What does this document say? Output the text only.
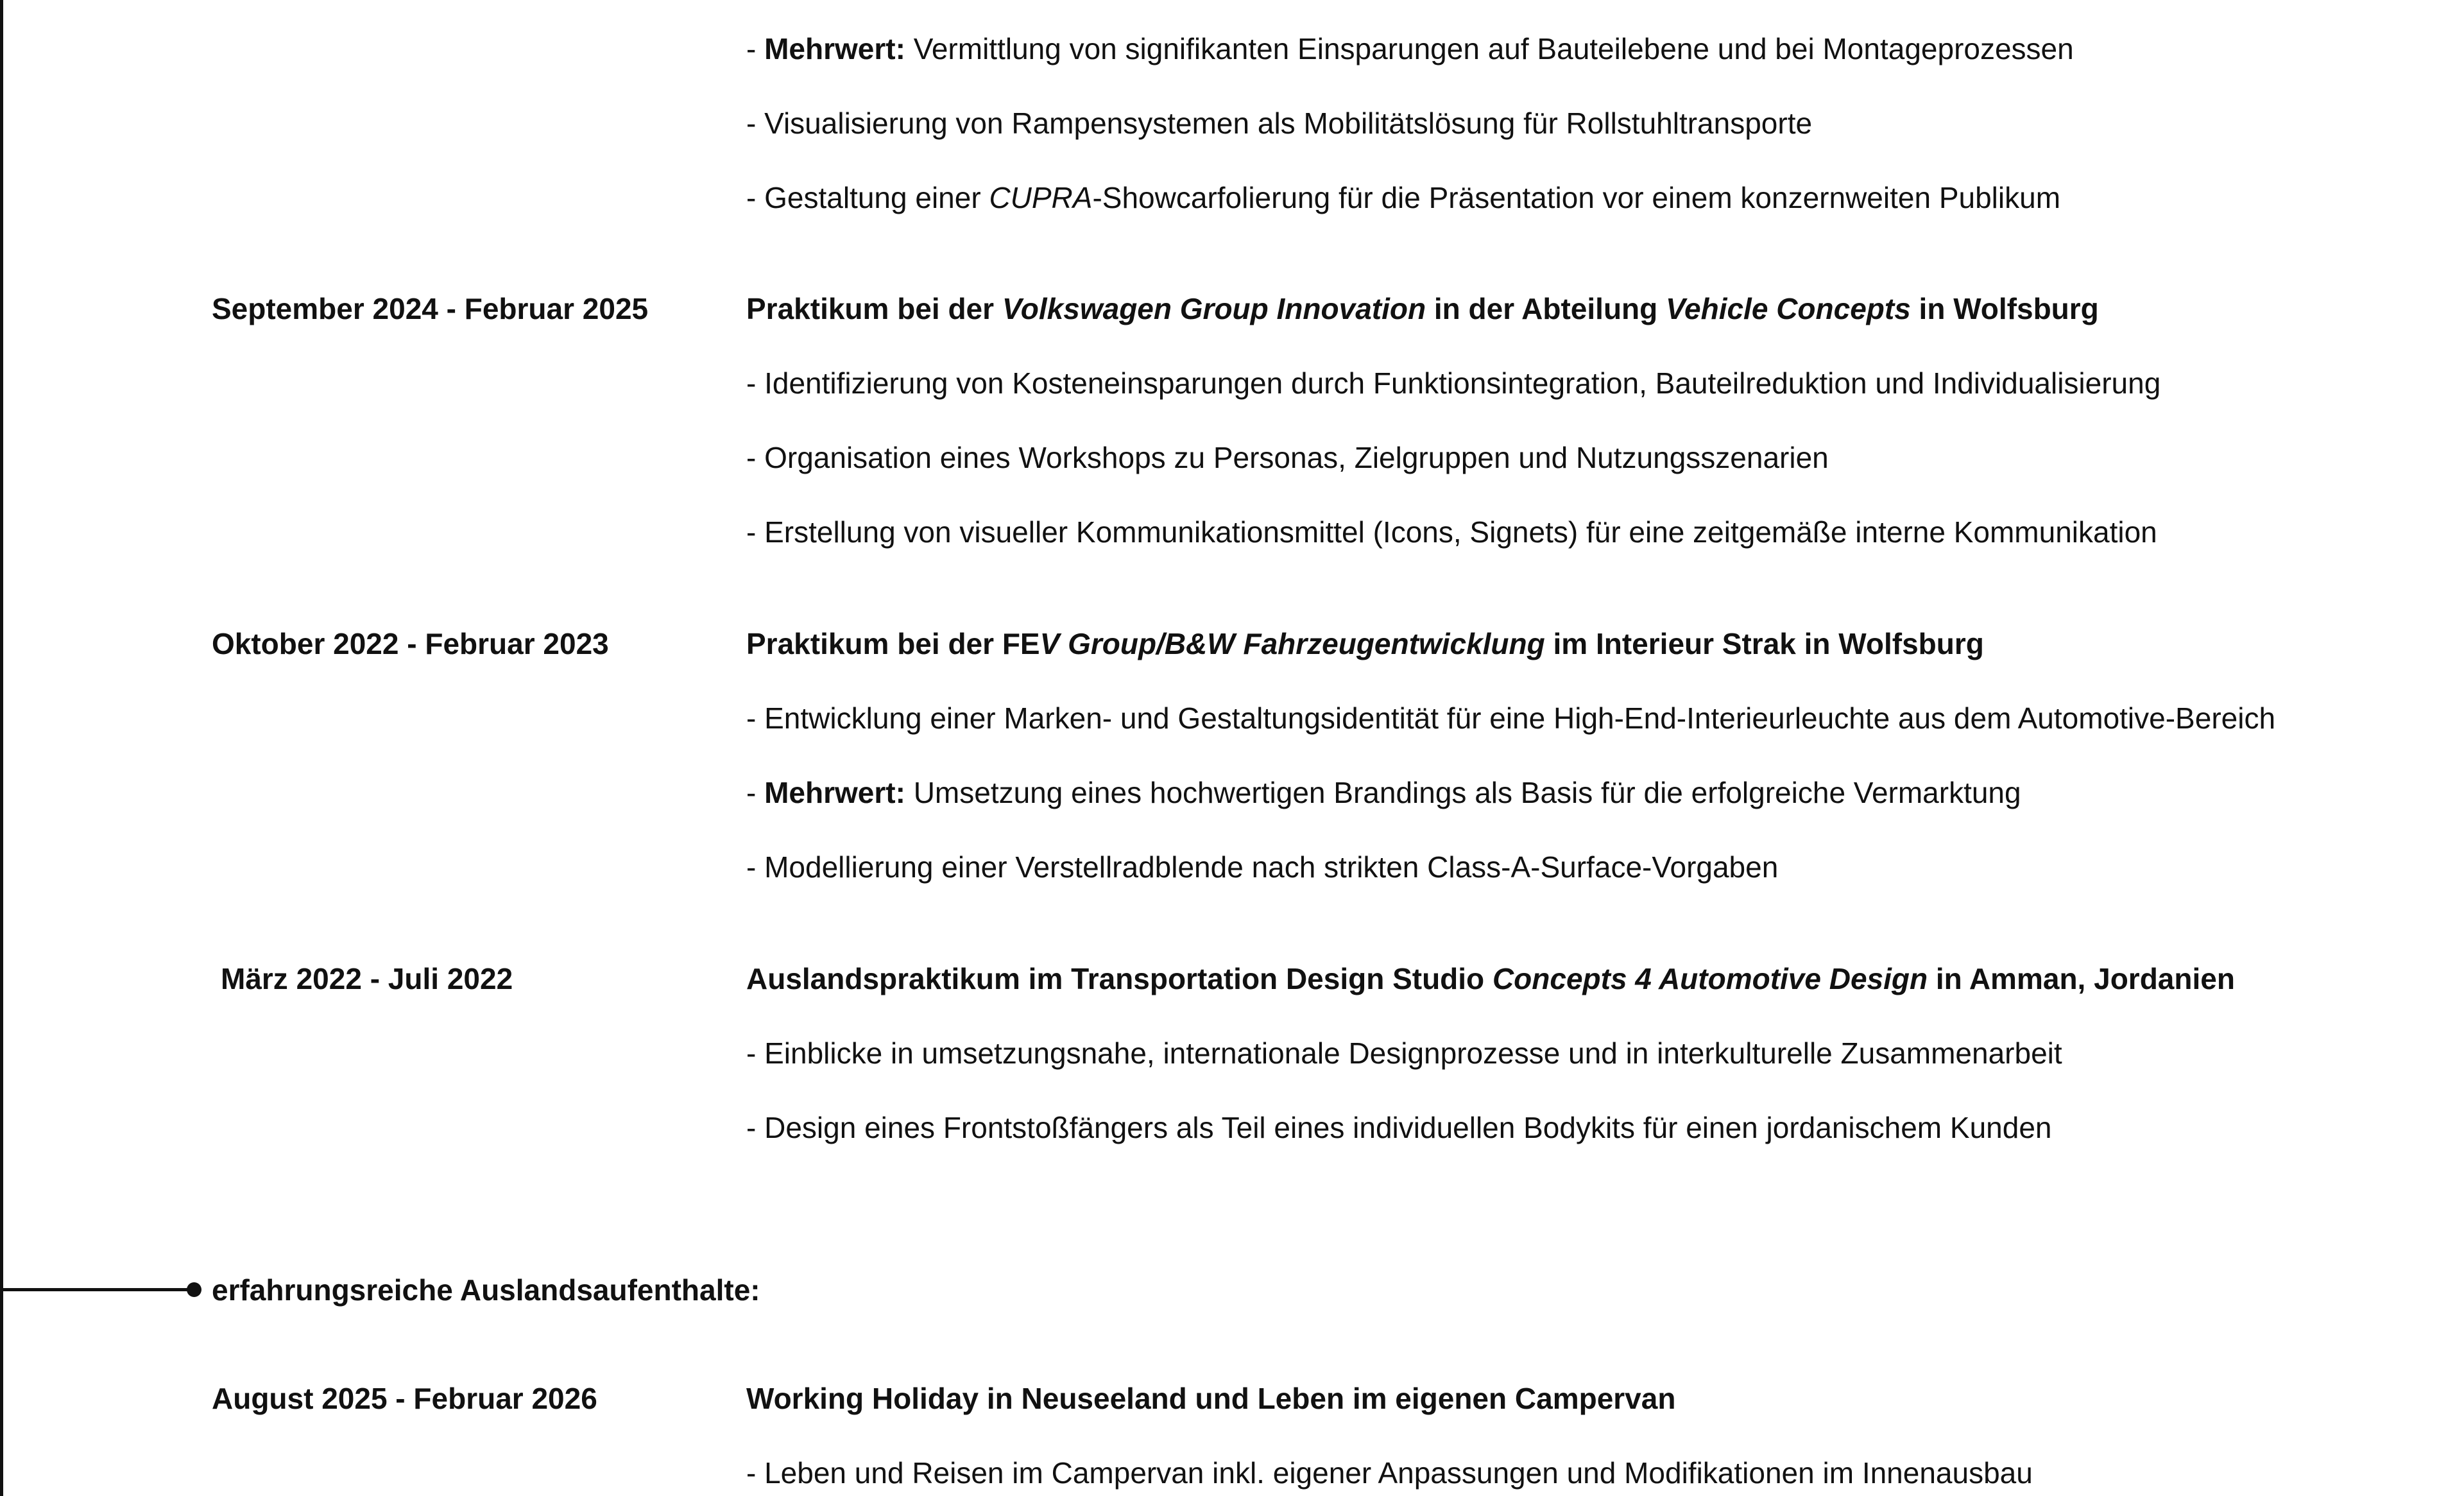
- Mehrwert: Vermittlung von signifikanten Einsparungen auf Bauteilebene und bei Montageprozessen
- Visualisierung von Rampensystemen als Mobilitätslösung für Rollstuhltransporte
- Gestaltung einer CUPRA-Showcarfolierung für die Präsentation vor einem konzernweiten Publikum
September 2024 - Februar 2025	Praktikum bei der Volkswagen Group Innovation in der Abteilung Vehicle Concepts in Wolfsburg
- Identifizierung von Kosteneinsparungen durch Funktionsintegration, Bauteilreduktion und Individualisierung
- Organisation eines Workshops zu Personas, Zielgruppen und Nutzungsszenarien
- Erstellung von visueller Kommunikationsmittel (Icons, Signets) für eine zeitgemäße interne Kommunikation
Oktober 2022 - Februar 2023	Praktikum bei der FEV Group/B&W Fahrzeugentwicklung im Interieur Strak in Wolfsburg
- Entwicklung einer Marken- und Gestaltungsidentität für eine High-End-Interieurleuchte aus dem Automotive-Bereich
- Mehrwert: Umsetzung eines hochwertigen Brandings als Basis für die erfolgreiche Vermarktung
- Modellierung einer Verstellradblende nach strikten Class-A-Surface-Vorgaben
März 2022 - Juli 2022	Auslandspraktikum im Transportation Design Studio Concepts 4 Automotive Design in Amman, Jordanien
- Einblicke in umsetzungsnahe, internationale Designprozesse und in interkulturelle Zusammenarbeit
- Design eines Frontstoßfängers als Teil eines individuellen Bodykits für einen jordanischem Kunden
erfahrungsreiche Auslandsaufenthalte:
August 2025 - Februar 2026	Working Holiday in Neuseeland und Leben im eigenen Campervan
- Leben und Reisen im Campervan inkl. eigener Anpassungen und Modifikationen im Innenausbau
